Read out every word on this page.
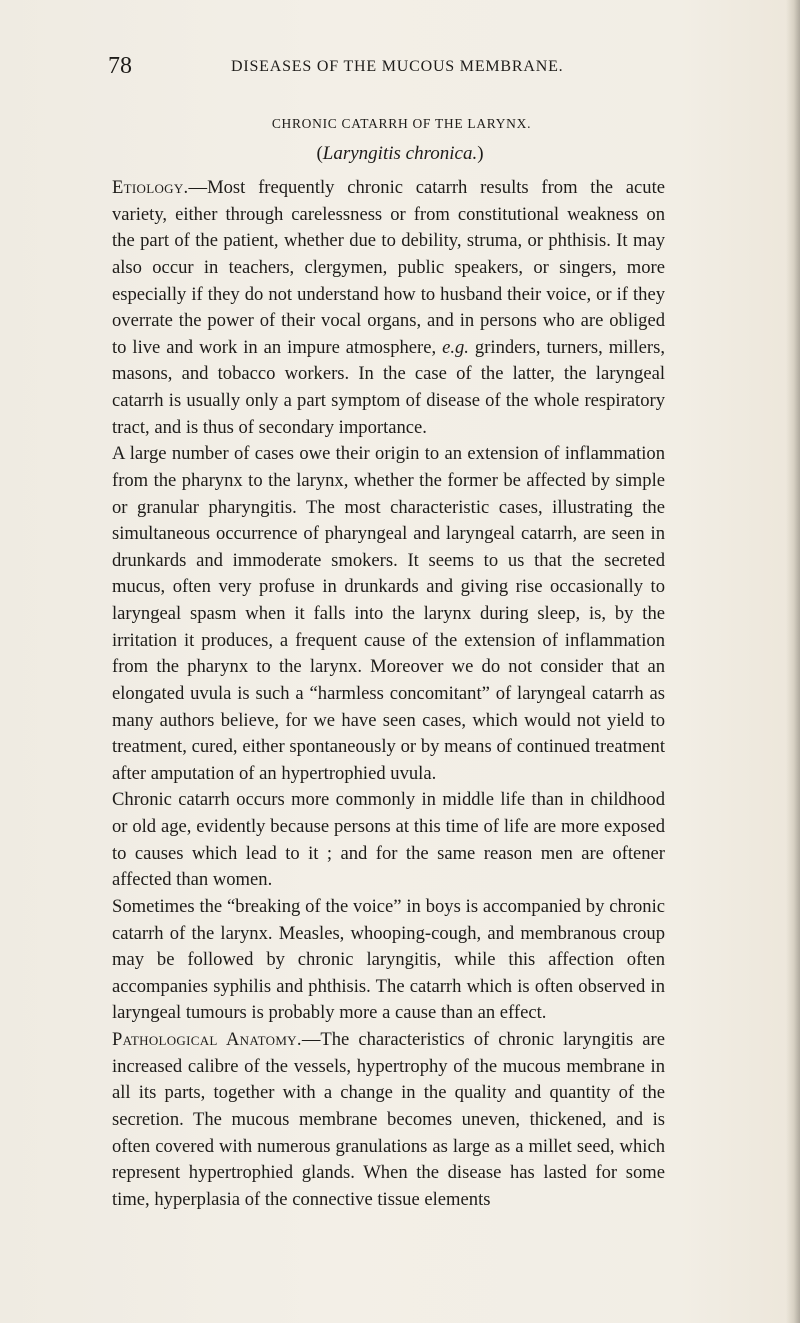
78	DISEASES OF THE MUCOUS MEMBRANE.
CHRONIC CATARRH OF THE LARYNX.
(Laryngitis chronica.)

Etiology.—Most frequently chronic catarrh results from the acute variety, either through carelessness or from constitutional weakness on the part of the patient, whether due to debility, struma, or phthisis. It may also occur in teachers, clergymen, public speakers, or singers, more especially if they do not understand how to husband their voice, or if they overrate the power of their vocal organs, and in persons who are obliged to live and work in an impure atmosphere, e.g. grinders, turners, millers, masons, and tobacco workers. In the case of the latter, the laryngeal catarrh is usually only a part symptom of disease of the whole respiratory tract, and is thus of secondary importance.

A large number of cases owe their origin to an extension of inflammation from the pharynx to the larynx, whether the former be affected by simple or granular pharyngitis. The most characteristic cases, illustrating the simultaneous occurrence of pharyngeal and laryngeal catarrh, are seen in drunkards and immoderate smokers. It seems to us that the secreted mucus, often very profuse in drunkards and giving rise occasionally to laryngeal spasm when it falls into the larynx during sleep, is, by the irritation it produces, a frequent cause of the extension of inflammation from the pharynx to the larynx. Moreover we do not consider that an elongated uvula is such a “harmless concomitant” of laryngeal catarrh as many authors believe, for we have seen cases, which would not yield to treatment, cured, either spontaneously or by means of continued treatment after amputation of an hypertrophied uvula.

Chronic catarrh occurs more commonly in middle life than in childhood or old age, evidently because persons at this time of life are more exposed to causes which lead to it ; and for the same reason men are oftener affected than women.

Sometimes the “breaking of the voice” in boys is accompanied by chronic catarrh of the larynx. Measles, whooping-cough, and membranous croup may be followed by chronic laryngitis, while this affection often accompanies syphilis and phthisis. The catarrh which is often observed in laryngeal tumours is probably more a cause than an effect.

Pathological Anatomy.—The characteristics of chronic laryngitis are increased calibre of the vessels, hypertrophy of the mucous membrane in all its parts, together with a change in the quality and quantity of the secretion. The mucous membrane becomes uneven, thickened, and is often covered with numerous granulations as large as a millet seed, which represent hypertrophied glands. When the disease has lasted for some time, hyperplasia of the connective tissue elements
